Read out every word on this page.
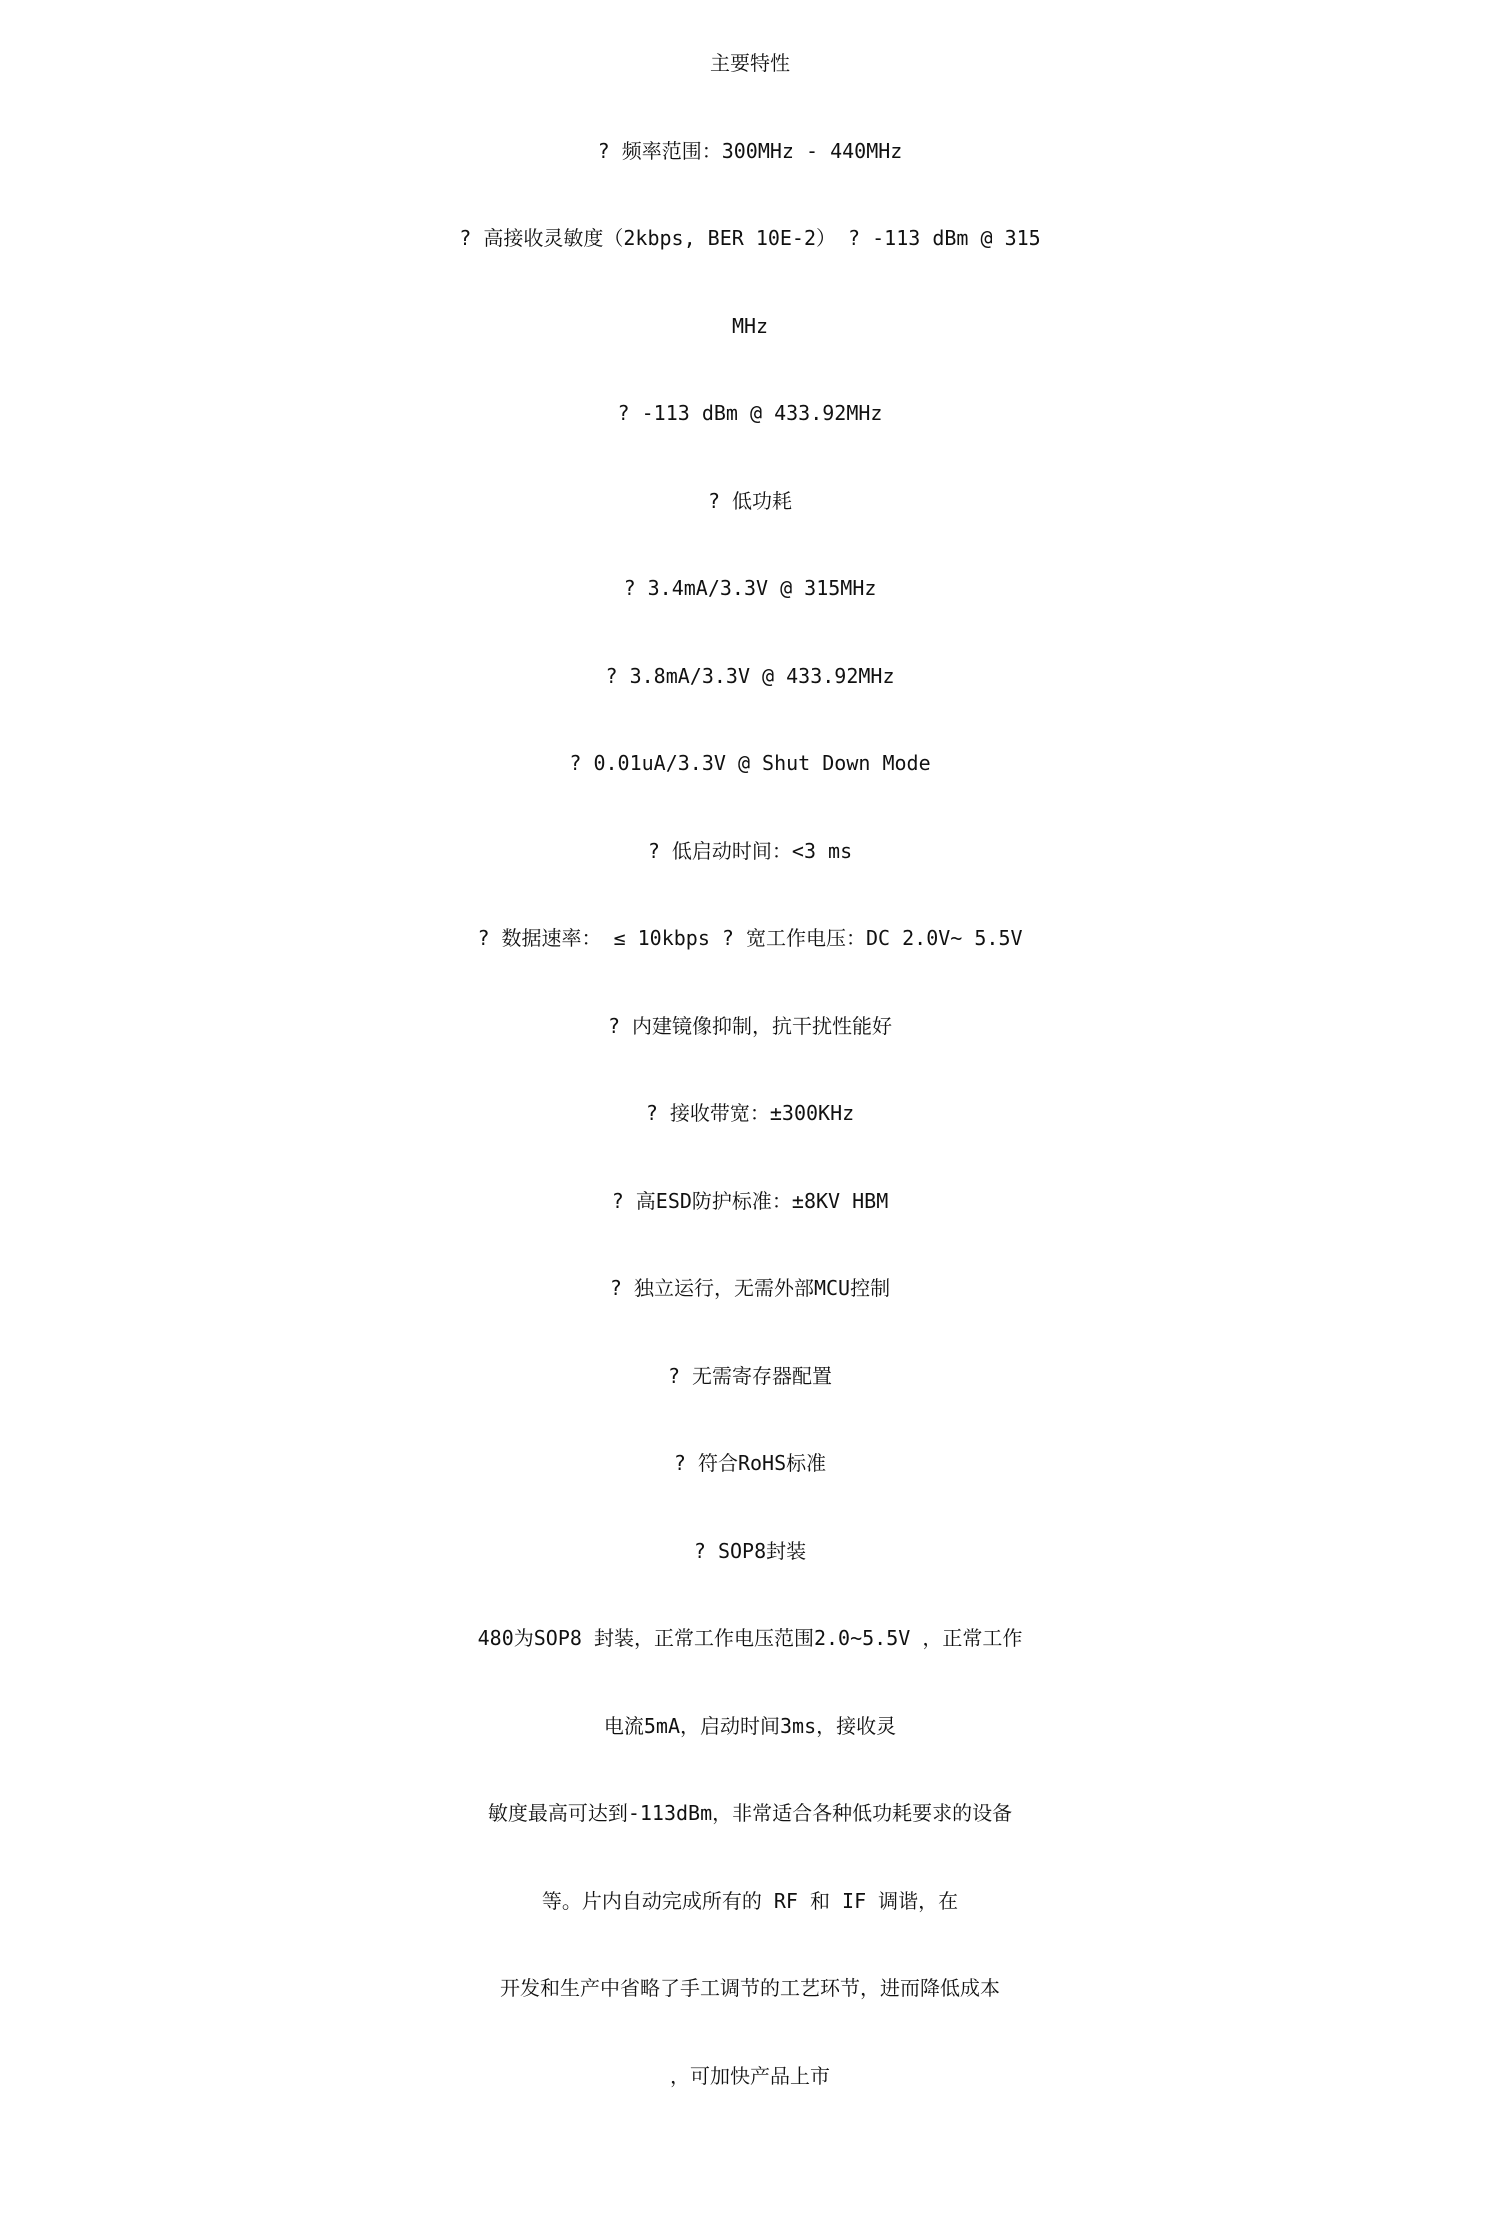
主要特性
? 频率范围：300MHz - 440MHz
? 高接收灵敏度（2kbps, BER 10E-2） ? -113 dBm @ 315
MHz
? -113 dBm @ 433.92MHz
? 低功耗
? 3.4mA/3.3V @ 315MHz
? 3.8mA/3.3V @ 433.92MHz
? 0.01uA/3.3V @ Shut Down Mode
? 低启动时间：<3 ms
? 数据速率： ≤ 10kbps ? 宽工作电压：DC 2.0V~ 5.5V
? 内建镜像抑制，抗干扰性能好
? 接收带宽：±300KHz
? 高ESD防护标准：±8KV HBM
? 独立运行，无需外部MCU控制
? 无需寄存器配置
? 符合RoHS标准
? SOP8封装
480为SOP8 封装，正常工作电压范围2.0~5.5V ，正常工作
电流5mA，启动时间3ms，接收灵
敏度最高可达到-113dBm，非常适合各种低功耗要求的设备
等。片内自动完成所有的 RF 和 IF 调谐，在
开发和生产中省略了手工调节的工艺环节，进而降低成本
，可加快产品上市
